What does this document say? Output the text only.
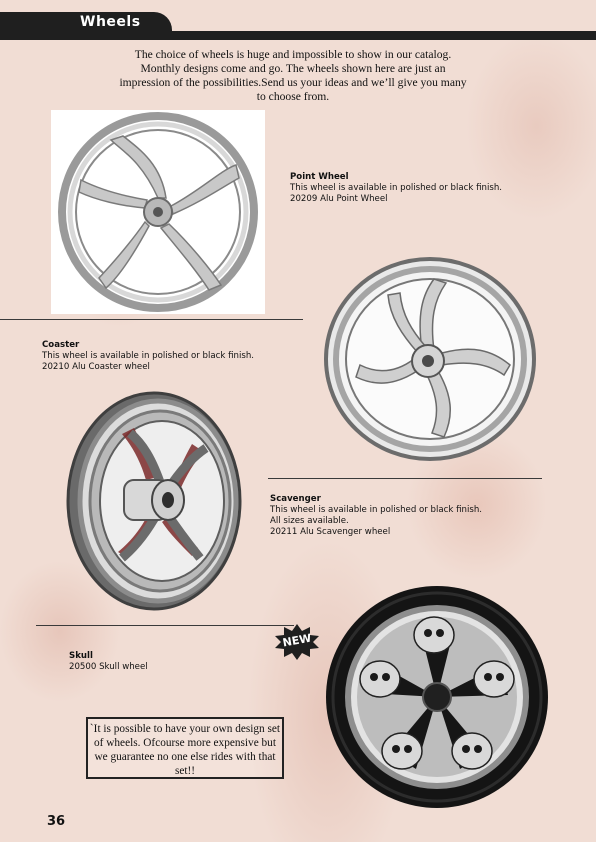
Wheels
The choice of wheels is huge and impossible to show in our catalog. Monthly designs come and go. The wheels shown here are just an impression of the possibilities.Send us your ideas and we’ll give you many to choose from.
Point Wheel
This wheel is available in polished or black finish.
20209 Alu Point Wheel
Coaster
This wheel is available in polished or black finish.
20210 Alu Coaster wheel
Scavenger
This wheel is available in polished or black finish.
All sizes available.
20211 Alu Scavenger wheel
NEW
Skull
20500 Skull wheel
`It is possible to have your own design set of wheels. Ofcourse more expensive but we guarantee no one else rides with that set!!
36
